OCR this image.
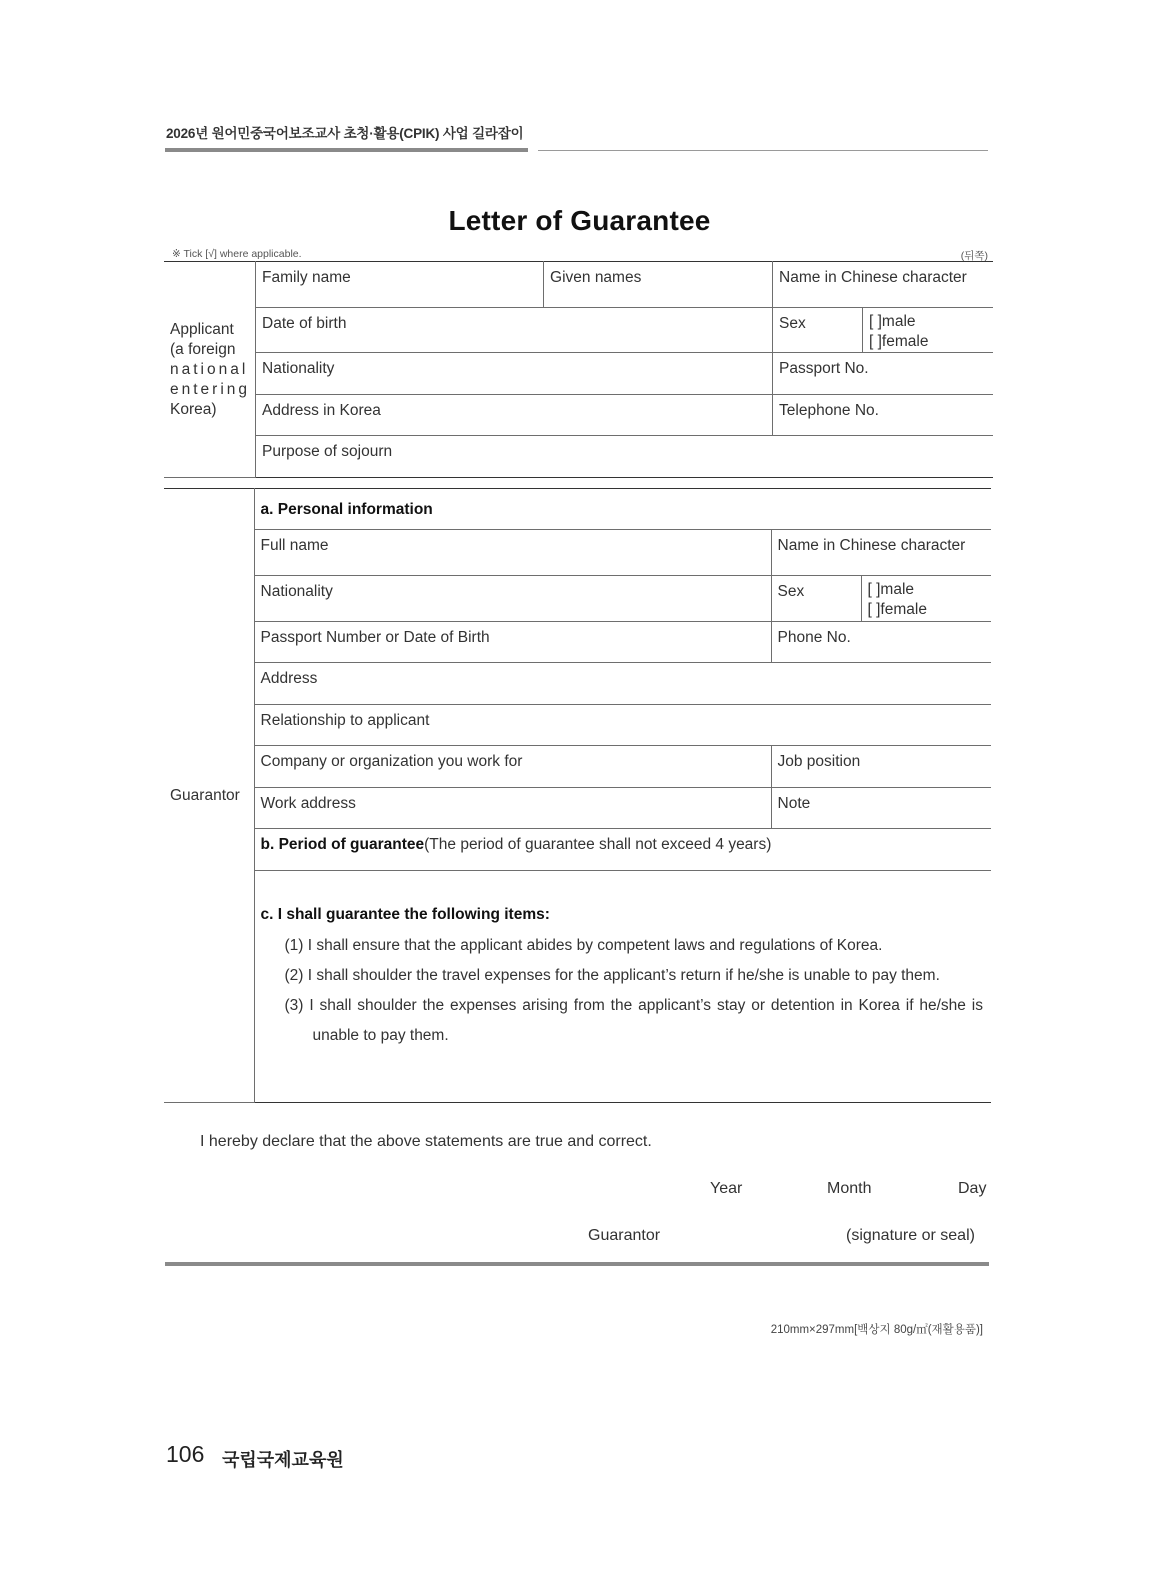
2026년 원어민중국어보조교사 초청·활용(CPIK) 사업 길라잡이
Letter of Guarantee
※ Tick [√] where applicable.	(뒤쪽)
Applicant
(a foreign
national
entering
Korea)	Family name	Given names	Name in Chinese character	
	Date of birth		Sex	[ ]male
[ ]female

	Nationality		Passport No.	
	Address in Korea		Telephone No.	
	Purpose of sojourn			
Guarantor	a. Personal information		
	Full name	Name in Chinese character	
	Nationality	Sex	[ ]male
[ ]female

	Passport Number or Date of Birth	Phone No.	
	Address		
	Relationship to applicant		
	Company or organization you work for	Job position	
	Work address	Note	
	b. Period of guarantee(The period of guarantee shall not exceed 4 years)		

	c. I shall guarantee the following items:

(1) I shall ensure that the applicant abides by competent laws and regulations of Korea.

(2) I shall shoulder the travel expenses for the applicant’s return if he/she is unable to pay them.

(3) I shall shoulder the expenses arising from the applicant’s stay or detention in Korea if he/she is unable to pay them.		

I hereby declare that the above statements are true and correct.
Year	Month	Day
Guarantor	(signature or seal)
210mm×297mm[백상지 80g/㎡(재활용품)]
106 국립국제교육원
